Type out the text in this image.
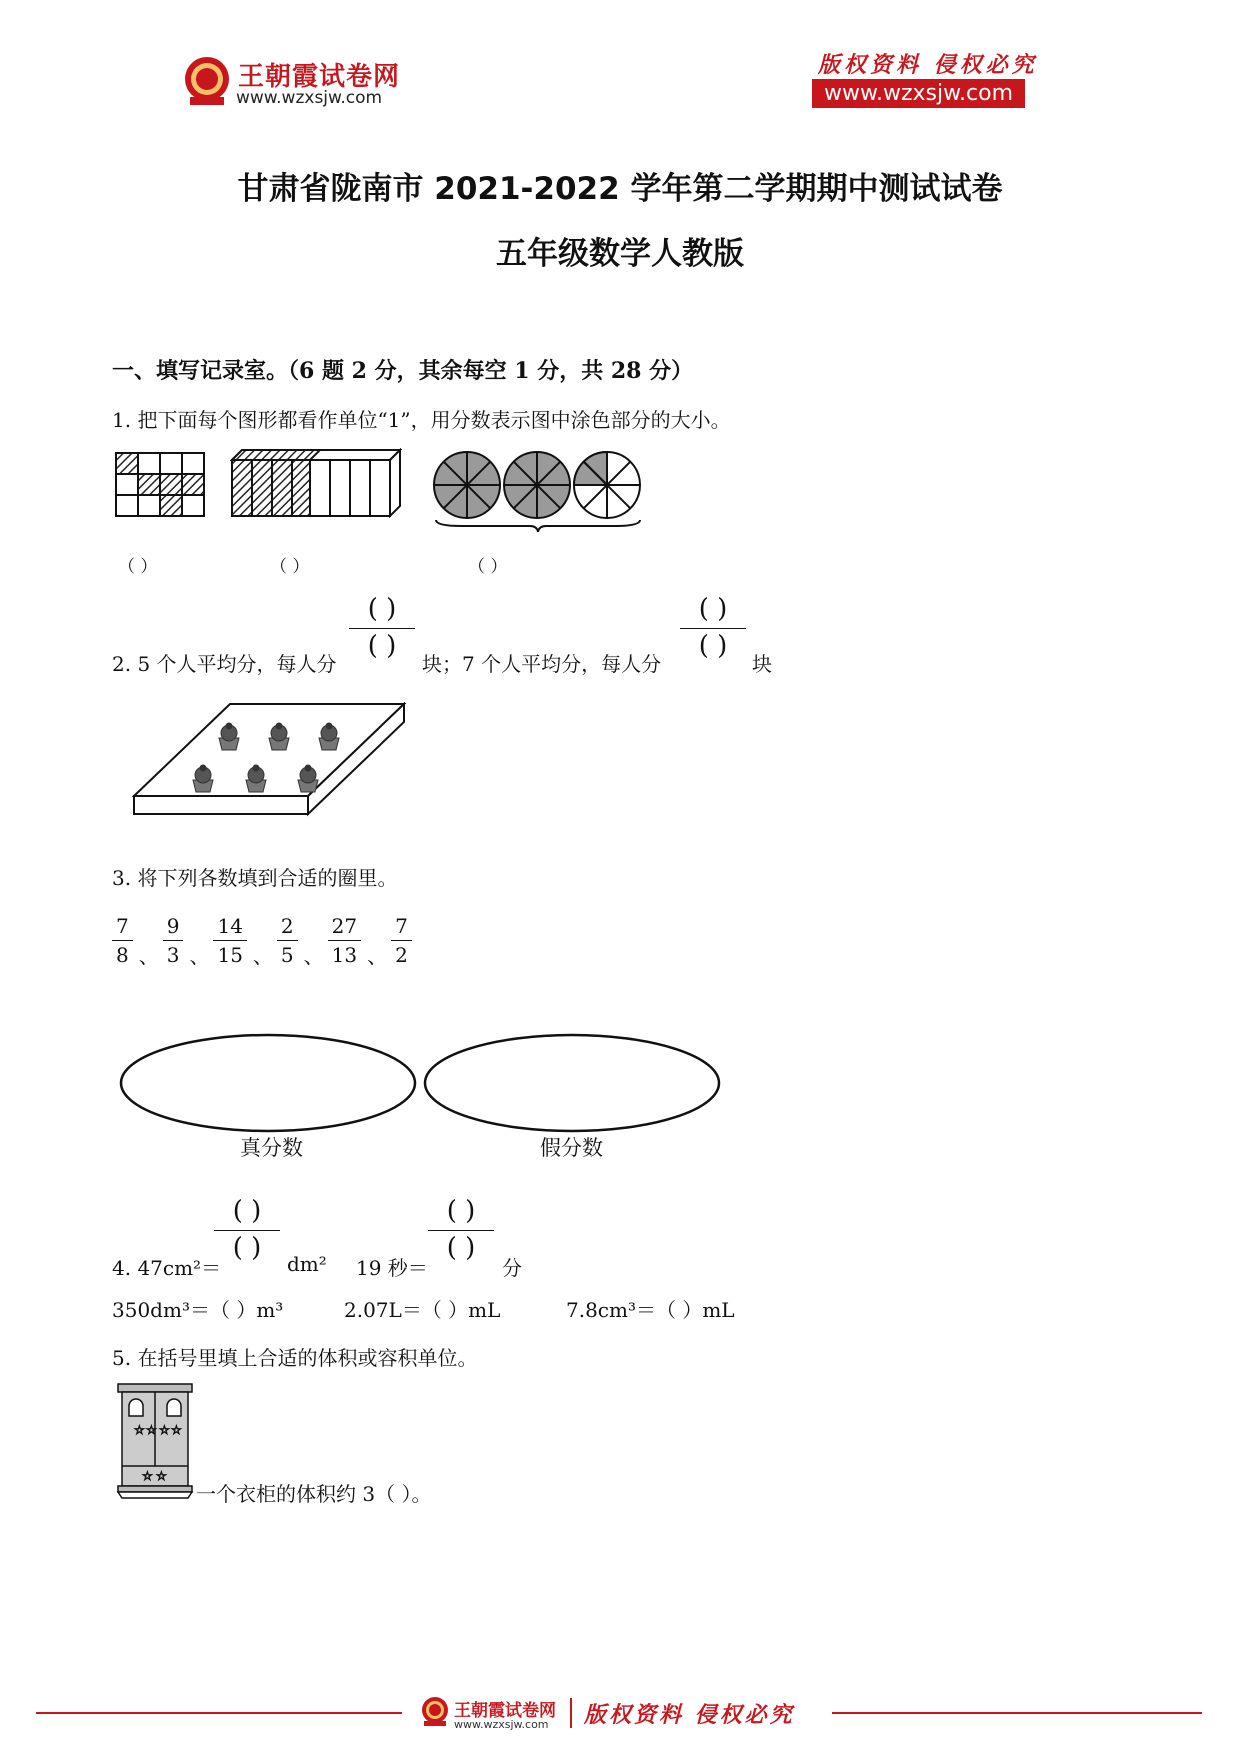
王朝霞试卷网
www.wzxsjw.com
版权资料 侵权必究
www.wzxsjw.com
甘肃省陇南市 2021-2022 学年第二学期期中测试试卷
五年级数学人教版
一、填写记录室。（6 题 2 分，其余每空 1 分，共 28 分）
1. 把下面每个图形都看作单位“1”，用分数表示图中涂色部分的大小。
（ ）	（ ）	（ ）
2. 5 个人平均分，每人分
( )
( )
块；7 个人平均分，每人分
( )
( )
块
3. 将下列各数填到合适的圈里。
$\frac{7}{8}$ 、 $\frac{9}{3}$ 、 $\frac{14}{15}$ 、 $\frac{2}{5}$ 、 $\frac{27}{13}$ 、 $\frac{7}{2}$
真分数	假分数
4. 47cm²＝
( )
( )
dm² 19 秒＝
( )
( )
分
350dm³＝（ ）m³	2.07L＝（ ）mL	7.8cm³＝（ ）mL
5. 在括号里填上合适的体积或容积单位。
☆ ☆ ☆ ☆
☆ ☆
一个衣柜的体积约 3（ ）。
王朝霞试卷网
www.wzxsjw.com 版权资料 侵权必究
